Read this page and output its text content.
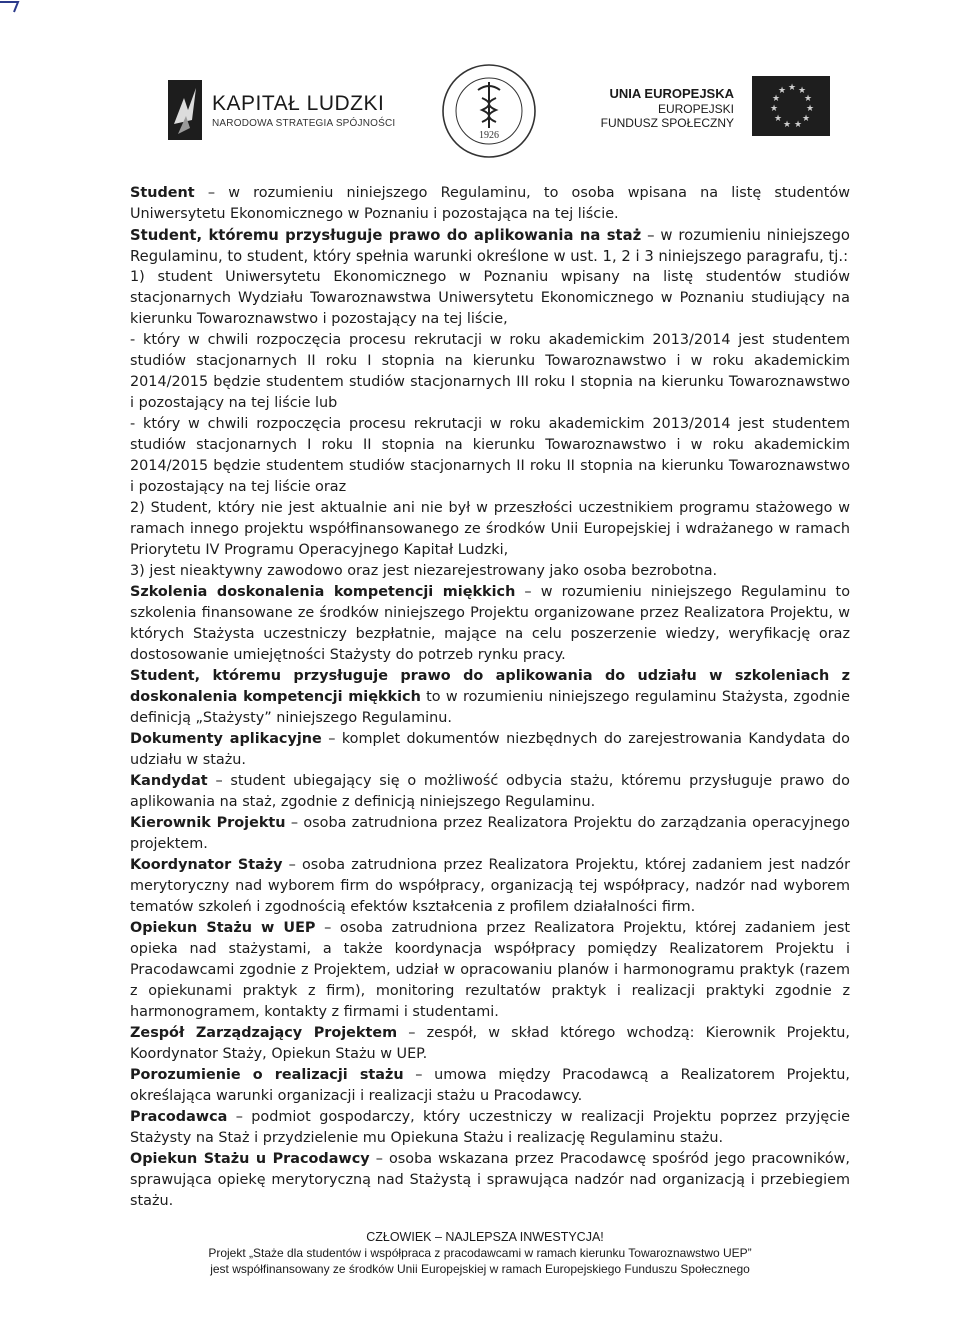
KAPITAŁ LUDZKI
NARODOWA STRATEGIA SPÓJNOŚCI
1926
UNIA EUROPEJSKA
EUROPEJSKI
FUNDUSZ SPOŁECZNY
★ ★
★
★
★
★
★
★
★
★
★

Student – w rozumieniu niniejszego Regulaminu, to osoba wpisana na listę studentów Uniwersytetu Ekonomicznego w Poznaniu i pozostająca na tej liście.

Student, któremu przysługuje prawo do aplikowania na staż – w rozumieniu niniejszego Regulaminu, to student, który spełnia warunki określone w ust. 1, 2 i 3 niniejszego paragrafu, tj.:

1) student Uniwersytetu Ekonomicznego w Poznaniu wpisany na listę studentów studiów stacjonarnych Wydziału Towaroznawstwa Uniwersytetu Ekonomicznego w Poznaniu studiujący na kierunku Towaroznawstwo i pozostający na tej liście,

- który w chwili rozpoczęcia procesu rekrutacji w roku akademickim 2013/2014 jest studentem studiów stacjonarnych II roku I stopnia na kierunku Towaroznawstwo i w roku akademickim 2014/2015 będzie studentem studiów stacjonarnych III roku I stopnia na kierunku Towaroznawstwo i pozostający na tej liście lub

- który w chwili rozpoczęcia procesu rekrutacji w roku akademickim 2013/2014 jest studentem studiów stacjonarnych I roku II stopnia na kierunku Towaroznawstwo i w roku akademickim 2014/2015 będzie studentem studiów stacjonarnych II roku II stopnia na kierunku Towaroznawstwo i pozostający na tej liście oraz

2) Student, który nie jest aktualnie ani nie był w przeszłości uczestnikiem programu stażowego w ramach innego projektu współfinansowanego ze środków Unii Europejskiej i wdrażanego w ramach Priorytetu IV Programu Operacyjnego Kapitał Ludzki,

3) jest nieaktywny zawodowo oraz jest niezarejestrowany jako osoba bezrobotna.

Szkolenia doskonalenia kompetencji miękkich – w rozumieniu niniejszego Regulaminu to szkolenia finansowane ze środków niniejszego Projektu organizowane przez Realizatora Projektu, w których Stażysta uczestniczy bezpłatnie, mające na celu poszerzenie wiedzy, weryfikację oraz dostosowanie umiejętności Stażysty do potrzeb rynku pracy.

Student, któremu przysługuje prawo do aplikowania do udziału w szkoleniach z doskonalenia kompetencji miękkich to w rozumieniu niniejszego regulaminu Stażysta, zgodnie definicją „Stażysty” niniejszego Regulaminu.

Dokumenty aplikacyjne – komplet dokumentów niezbędnych do zarejestrowania Kandydata do udziału w stażu.

Kandydat – student ubiegający się o możliwość odbycia stażu, któremu przysługuje prawo do aplikowania na staż, zgodnie z definicją niniejszego Regulaminu.

Kierownik Projektu – osoba zatrudniona przez Realizatora Projektu do zarządzania operacyjnego projektem.

Koordynator Staży – osoba zatrudniona przez Realizatora Projektu, której zadaniem jest nadzór merytoryczny nad wyborem firm do współpracy, organizacją tej współpracy, nadzór nad wyborem tematów szkoleń i zgodnością efektów kształcenia z profilem działalności firm.

Opiekun Stażu w UEP – osoba zatrudniona przez Realizatora Projektu, której zadaniem jest opieka nad stażystami, a także koordynacja współpracy pomiędzy Realizatorem Projektu i Pracodawcami zgodnie z Projektem, udział w opracowaniu planów i harmonogramu praktyk (razem z opiekunami praktyk z firm), monitoring rezultatów praktyk i realizacji praktyki zgodnie z harmonogramem, kontakty z firmami i studentami.

Zespół Zarządzający Projektem – zespół, w skład którego wchodzą: Kierownik Projektu, Koordynator Staży, Opiekun Stażu w UEP.

Porozumienie o realizacji stażu – umowa między Pracodawcą a Realizatorem Projektu, określająca warunki organizacji i realizacji stażu u Pracodawcy.

Pracodawca – podmiot gospodarczy, który uczestniczy w realizacji Projektu poprzez przyjęcie Stażysty na Staż i przydzielenie mu Opiekuna Stażu i realizację Regulaminu stażu.

Opiekun Stażu u Pracodawcy – osoba wskazana przez Pracodawcę spośród jego pracowników, sprawująca opiekę merytoryczną nad Stażystą i sprawująca nadzór nad organizacją i przebiegiem stażu.

CZŁOWIEK – NAJLEPSZA INWESTYCJA!
Projekt „Staże dla studentów i współpraca z pracodawcami w ramach kierunku Towaroznawstwo UEP”
jest współfinansowany ze środków Unii Europejskiej w ramach Europejskiego Funduszu Społecznego
